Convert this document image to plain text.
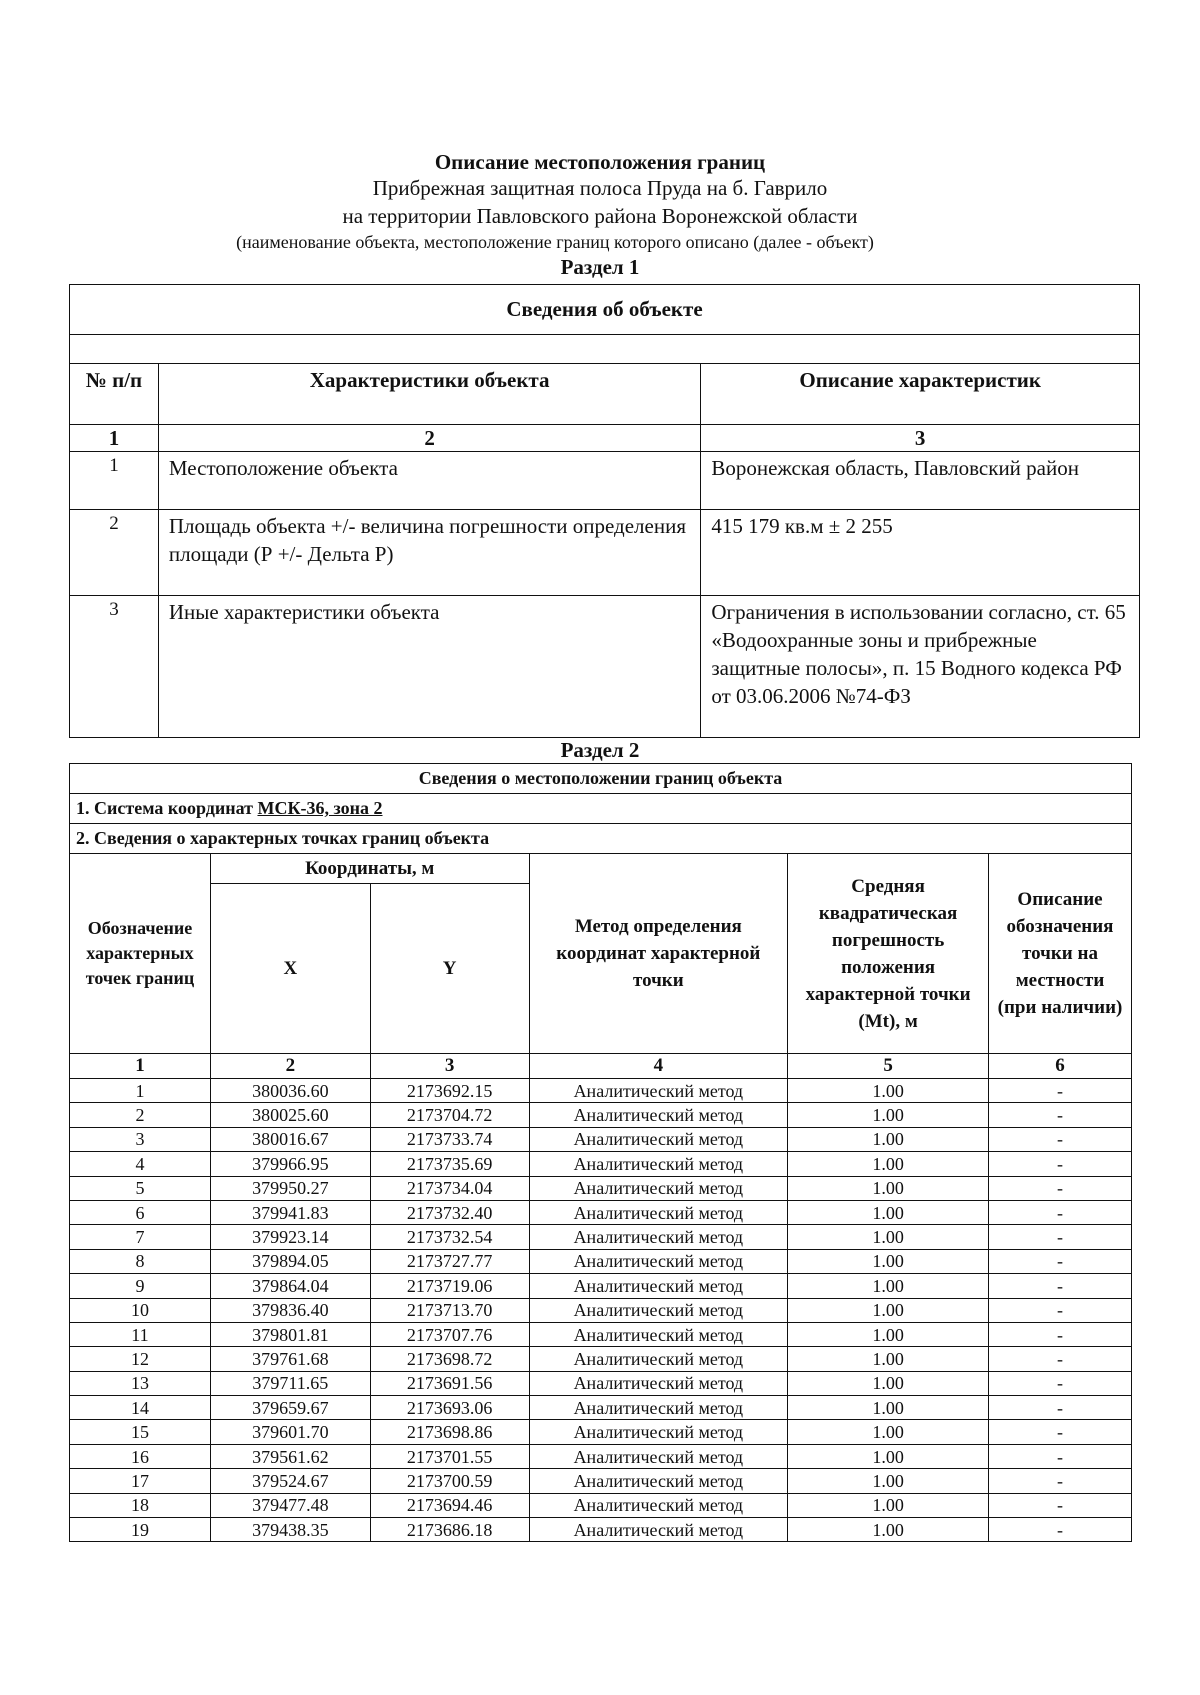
Описание местоположения границ
Прибрежная защитная полоса Пруда на б. Гаврило
на территории Павловского района Воронежской области
(наименование объекта, местоположение границ которого описано (далее - объект)
Раздел 1
Раздел 2
Сведения об объекте		

№ п/п	Характеристики объекта	Описание характеристик
1	2	3
1	Местоположение объекта	Воронежская область, Павловский район
2	Площадь объекта +/- величина погрешности определения площади (Р +/- Дельта Р)	415 179 кв.м ± 2 255
3	Иные характеристики объекта	Ограничения в использовании согласно, ст. 65 «Водоохранные зоны и прибрежные защитные полосы», п. 15 Водного кодекса РФ от 03.06.2006 №74-ФЗ
Сведения о местоположении границ объекта					
1. Система координат МСК-36, зона 2					
2. Сведения о характерных точках границ объекта					
Обозначение характерных точек границ	Координаты, м		Метод определения координат характерной точки	Средняя квадратическая погрешность положения характерной точки (Mt), м	Описание обозначения точки на местности (при наличии)
	X	Y			
1	2	3	4	5	6
1	380036.60	2173692.15	Аналитический метод	1.00	-
2	380025.60	2173704.72	Аналитический метод	1.00	-
3	380016.67	2173733.74	Аналитический метод	1.00	-
4	379966.95	2173735.69	Аналитический метод	1.00	-
5	379950.27	2173734.04	Аналитический метод	1.00	-
6	379941.83	2173732.40	Аналитический метод	1.00	-
7	379923.14	2173732.54	Аналитический метод	1.00	-
8	379894.05	2173727.77	Аналитический метод	1.00	-
9	379864.04	2173719.06	Аналитический метод	1.00	-
10	379836.40	2173713.70	Аналитический метод	1.00	-
11	379801.81	2173707.76	Аналитический метод	1.00	-
12	379761.68	2173698.72	Аналитический метод	1.00	-
13	379711.65	2173691.56	Аналитический метод	1.00	-
14	379659.67	2173693.06	Аналитический метод	1.00	-
15	379601.70	2173698.86	Аналитический метод	1.00	-
16	379561.62	2173701.55	Аналитический метод	1.00	-
17	379524.67	2173700.59	Аналитический метод	1.00	-
18	379477.48	2173694.46	Аналитический метод	1.00	-
19	379438.35	2173686.18	Аналитический метод	1.00	-
